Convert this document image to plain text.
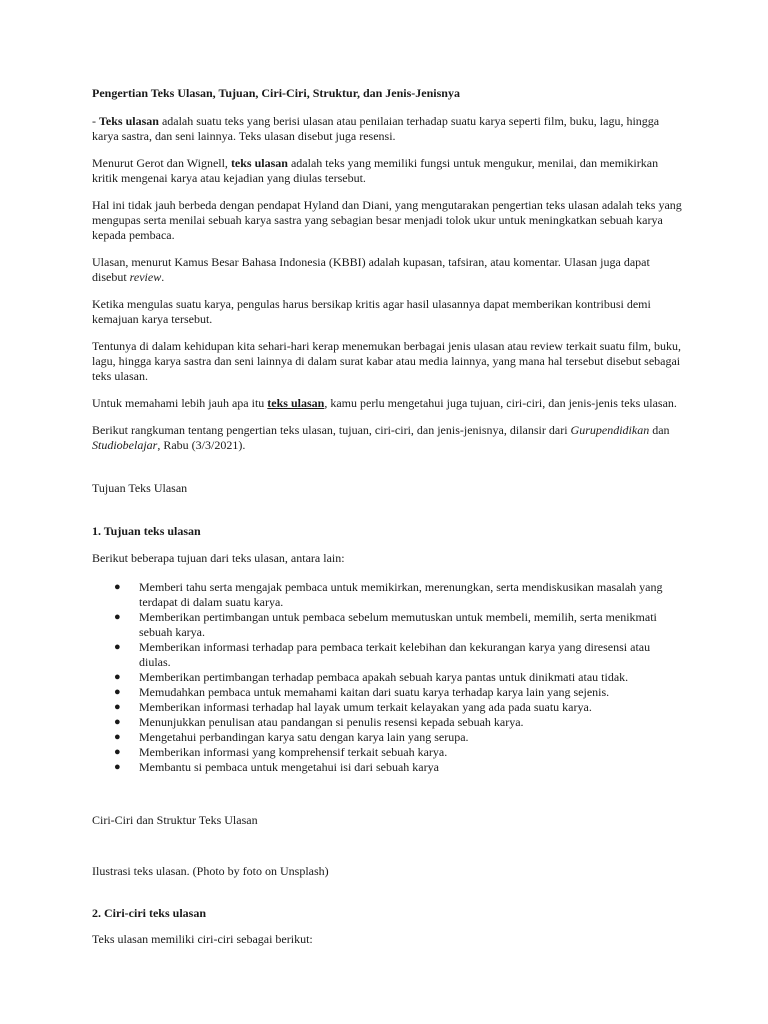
Pengertian Teks Ulasan, Tujuan, Ciri-Ciri, Struktur, dan Jenis-Jenisnya

- Teks ulasan adalah suatu teks yang berisi ulasan atau penilaian terhadap suatu karya seperti film, buku, lagu, hingga karya sastra, dan seni lainnya. Teks ulasan disebut juga resensi.

Menurut Gerot dan Wignell, teks ulasan adalah teks yang memiliki fungsi untuk mengukur, menilai, dan memikirkan kritik mengenai karya atau kejadian yang diulas tersebut.

Hal ini tidak jauh berbeda dengan pendapat Hyland dan Diani, yang mengutarakan pengertian teks ulasan adalah teks yang mengupas serta menilai sebuah karya sastra yang sebagian besar menjadi tolok ukur untuk meningkatkan sebuah karya kepada pembaca.

Ulasan, menurut Kamus Besar Bahasa Indonesia (KBBI) adalah kupasan, tafsiran, atau komentar. Ulasan juga dapat disebut review.

Ketika mengulas suatu karya, pengulas harus bersikap kritis agar hasil ulasannya dapat memberikan kontribusi demi kemajuan karya tersebut.

Tentunya di dalam kehidupan kita sehari-hari kerap menemukan berbagai jenis ulasan atau review terkait suatu film, buku, lagu, hingga karya sastra dan seni lainnya di dalam surat kabar atau media lainnya, yang mana hal tersebut disebut sebagai teks ulasan.

Untuk memahami lebih jauh apa itu teks ulasan, kamu perlu mengetahui juga tujuan, ciri-ciri, dan jenis-jenis teks ulasan.

Berikut rangkuman tentang pengertian teks ulasan, tujuan, ciri-ciri, dan jenis-jenisnya, dilansir dari Gurupendidikan dan Studiobelajar, Rabu (3/3/2021).

Tujuan Teks Ulasan

1. Tujuan teks ulasan

Berikut beberapa tujuan dari teks ulasan, antara lain:

● Memberi tahu serta mengajak pembaca untuk memikirkan, merenungkan, serta mendiskusikan masalah yang terdapat di dalam suatu karya.
● Memberikan pertimbangan untuk pembaca sebelum memutuskan untuk membeli, memilih, serta menikmati sebuah karya.
● Memberikan informasi terhadap para pembaca terkait kelebihan dan kekurangan karya yang diresensi atau diulas.
● Memberikan pertimbangan terhadap pembaca apakah sebuah karya pantas untuk dinikmati atau tidak.
● Memudahkan pembaca untuk memahami kaitan dari suatu karya terhadap karya lain yang sejenis.
● Memberikan informasi terhadap hal layak umum terkait kelayakan yang ada pada suatu karya.
● Menunjukkan penulisan atau pandangan si penulis resensi kepada sebuah karya.
● Mengetahui perbandingan karya satu dengan karya lain yang serupa.
● Memberikan informasi yang komprehensif terkait sebuah karya.
● Membantu si pembaca untuk mengetahui isi dari sebuah karya

Ciri-Ciri dan Struktur Teks Ulasan

Ilustrasi teks ulasan. (Photo by foto on Unsplash)

2. Ciri-ciri teks ulasan

Teks ulasan memiliki ciri-ciri sebagai berikut:
